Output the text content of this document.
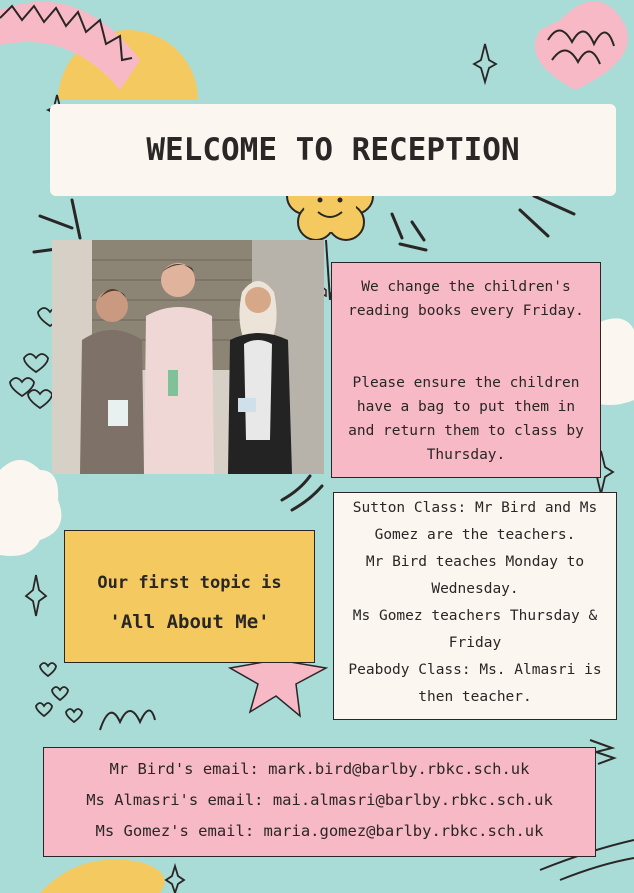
WELCOME TO RECEPTION

We change the children's reading books every Friday.

Please ensure the children have a bag to put them in and return them to class by Thursday.

Sutton Class: Mr Bird and Ms Gomez are the teachers.

Mr Bird teaches Monday to Wednesday.

Ms Gomez teachers Thursday & Friday

Peabody Class: Ms. Almasri is then teacher.

Our first topic is
'All About Me'

Mr Bird's email: mark.bird@barlby.rbkc.sch.uk

Ms Almasri's email: mai.almasri@barlby.rbkc.sch.uk

Ms Gomez's email: maria.gomez@barlby.rbkc.sch.uk
